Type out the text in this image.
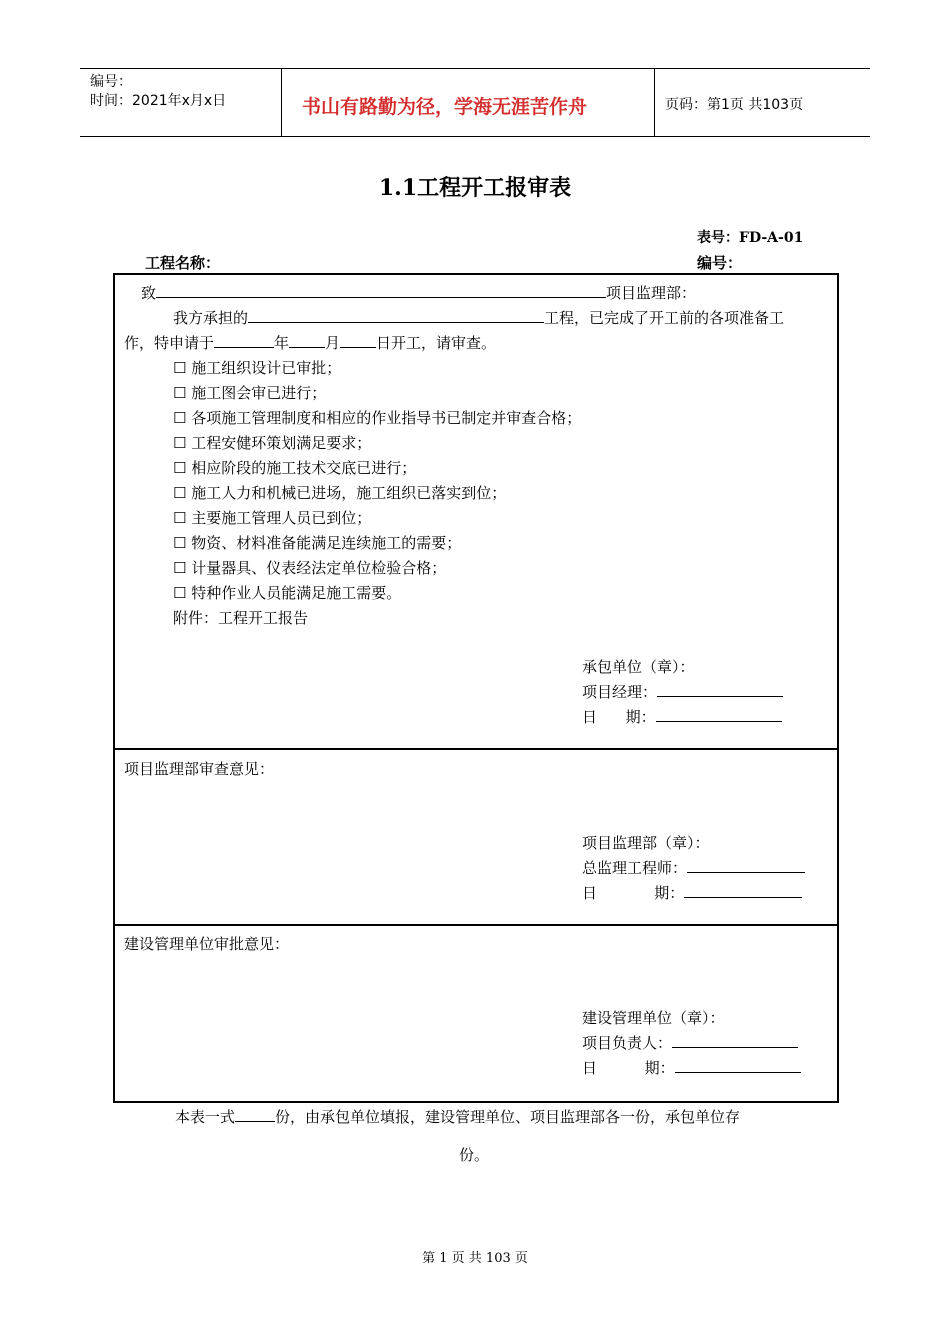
编号：
时间：2021年x月x日	书山有路勤为径，学海无涯苦作舟	页码：第1页 共103页
1.1工程开工报审表
表号：FD-A-01
工程名称：	编号：
致	项目监理部：
我方承担的	工程，已完成了开工前的各项准备工
作，特申请于	年 月 日开工，请审查。
☐ 施工组织设计已审批；
☐ 施工图会审已进行；
☐ 各项施工管理制度和相应的作业指导书已制定并审查合格；
☐ 工程安健环策划满足要求；
☐ 相应阶段的施工技术交底已进行；
☐ 施工人力和机械已进场，施工组织已落实到位；
☐ 主要施工管理人员已到位；
☐ 物资、材料准备能满足连续施工的需要；
☐ 计量器具、仪表经法定单位检验合格；
☐ 特种作业人员能满足施工需要。
附件：工程开工报告
承包单位（章）：
项目经理：
日      期：
项目监理部审查意见：
项目监理部（章）：
总监理工程师：
日            期：
建设管理单位审批意见：
建设管理单位（章）：
项目负责人：
日          期：
本表一式	份，由承包单位填报，建设管理单位、项目监理部各一份，承包单位存
份。
第 1 页 共 103 页
